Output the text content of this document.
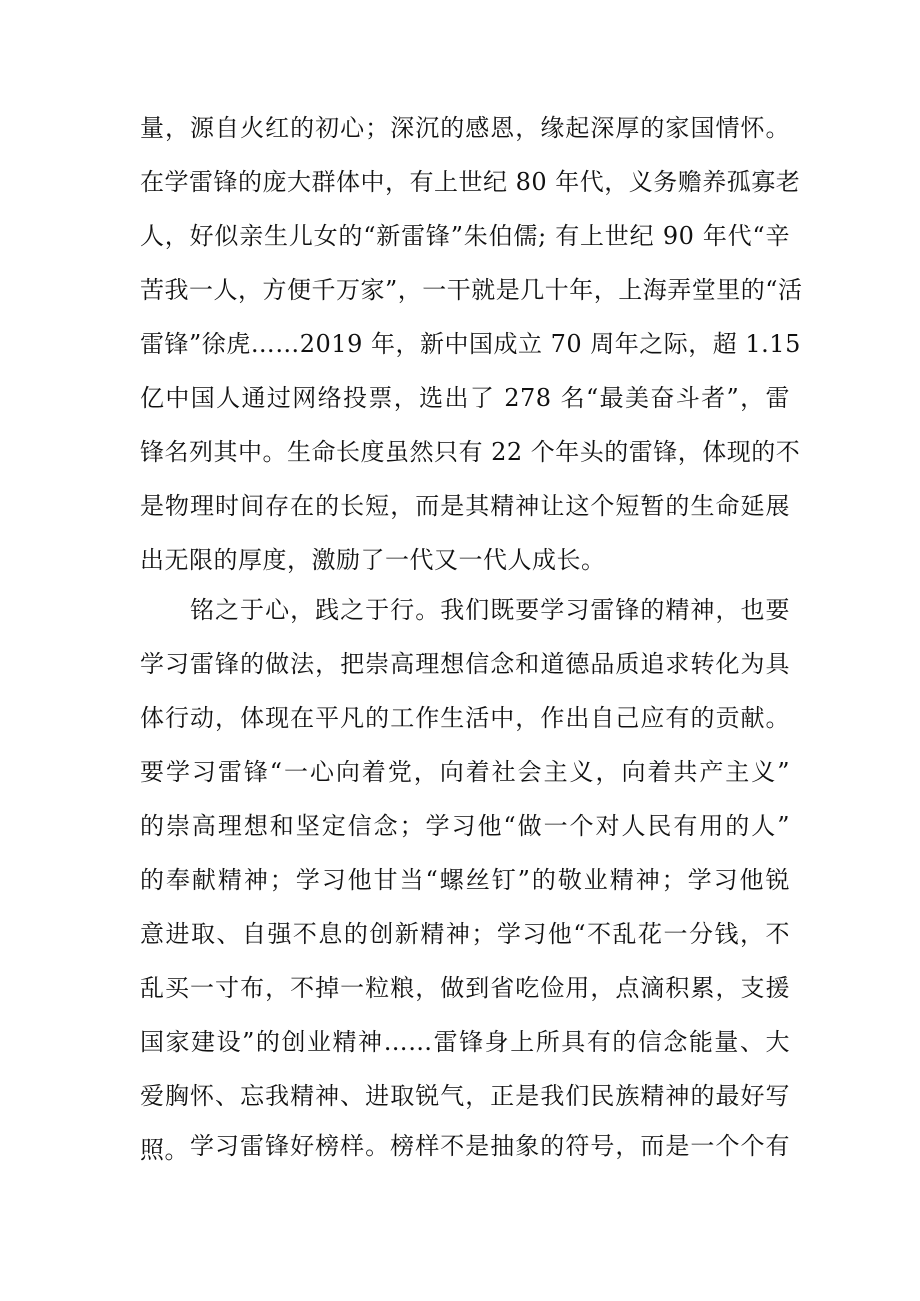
量，源自火红的初心；深沉的感恩，缘起深厚的家国情怀。
在学雷锋的庞大群体中，有上世纪 80 年代，义务赡养孤寡老
人，好似亲生儿女的“新雷锋”朱伯儒; 有上世纪 90 年代“辛
苦我一人，方便千万家”，一干就是几十年，上海弄堂里的“活
雷锋”徐虎……2019 年，新中国成立 70 周年之际，超 1.15
亿中国人通过网络投票，选出了 278 名“最美奋斗者”，雷
锋名列其中。生命长度虽然只有 22 个年头的雷锋，体现的不
是物理时间存在的长短，而是其精神让这个短暂的生命延展
出无限的厚度，激励了一代又一代人成长。
铭之于心，践之于行。我们既要学习雷锋的精神，也要
学习雷锋的做法，把崇高理想信念和道德品质追求转化为具
体行动，体现在平凡的工作生活中，作出自己应有的贡献。
要学习雷锋“一心向着党，向着社会主义，向着共产主义”
的崇高理想和坚定信念；学习他“做一个对人民有用的人”
的奉献精神；学习他甘当“螺丝钉”的敬业精神；学习他锐
意进取、自强不息的创新精神；学习他“不乱花一分钱，不
乱买一寸布，不掉一粒粮，做到省吃俭用，点滴积累，支援
国家建设”的创业精神……雷锋身上所具有的信念能量、大
爱胸怀、忘我精神、进取锐气，正是我们民族精神的最好写
照。 学习雷锋好榜样。榜样不是抽象的符号，而是一个个有
